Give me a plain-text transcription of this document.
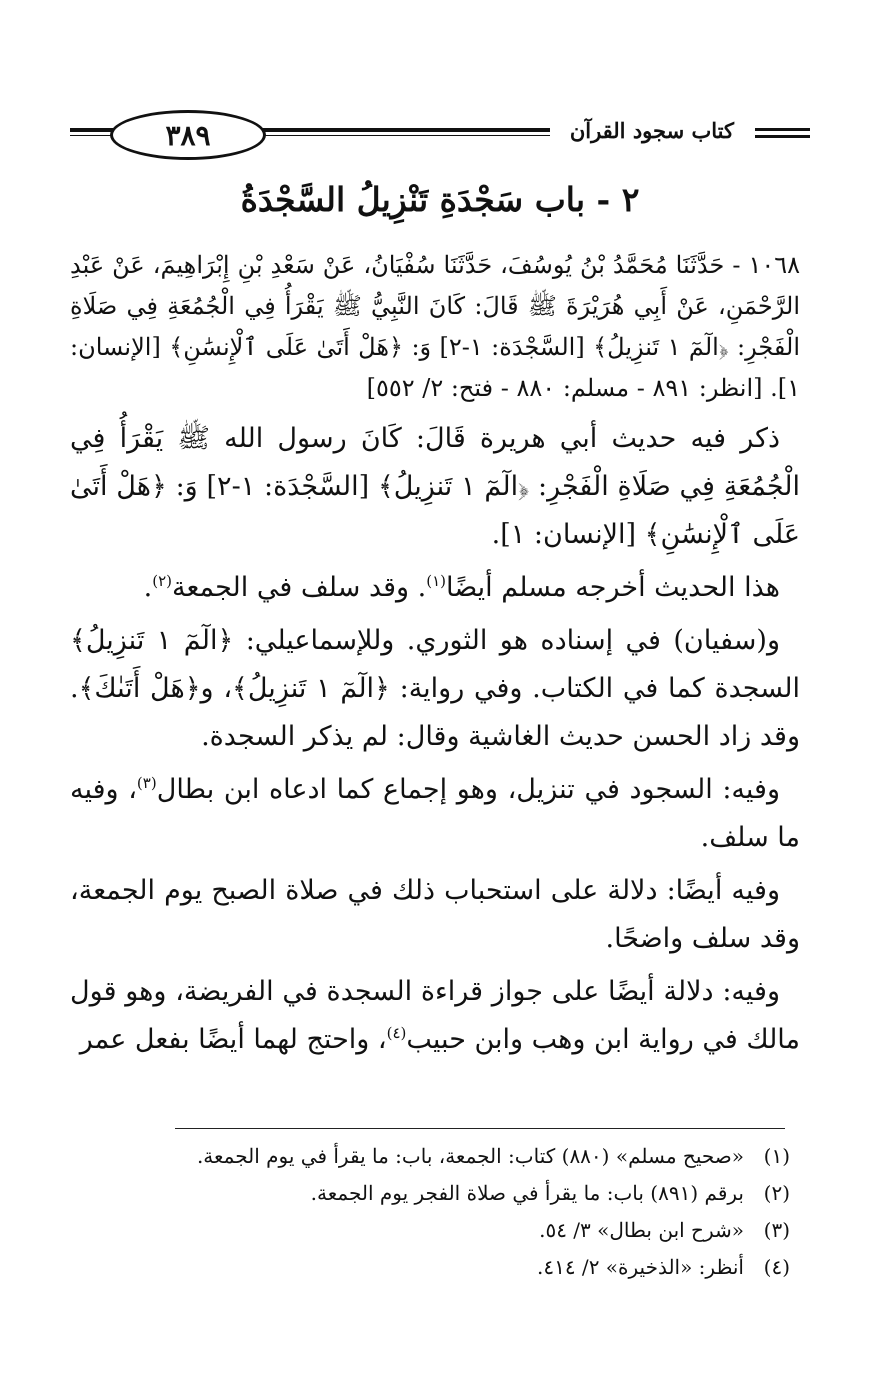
٣٨٩	كتاب سجود القرآن
٢ - باب سَجْدَةِ تَنْزِيلُ السَّجْدَةُ

١٠٦٨ - حَدَّثَنَا مُحَمَّدُ بْنُ يُوسُفَ، حَدَّثَنَا سُفْيَانُ، عَنْ سَعْدِ بْنِ إِبْرَاهِيمَ، عَنْ عَبْدِ الرَّحْمَنِ، عَنْ أَبِي هُرَيْرَةَ ﷺ قَالَ: كَانَ النَّبِيُّ ﷺ يَقْرَأُ فِي الْجُمُعَةِ فِي صَلَاةِ الْفَجْرِ: ﴿الٓمٓ ١ تَنزِيلُ﴾ [السَّجْدَة: ١-٢] وَ: ﴿هَلْ أَتَىٰ عَلَى ٱلْإِنسَٰنِ﴾ [الإنسان: ١]. [انظر: ٨٩١ - مسلم: ٨٨٠ - فتح: ٢/ ٥٥٢]

ذكر فيه حديث أبي هريرة قَالَ: كَانَ رسول الله ﷺ يَقْرَأُ فِي الْجُمُعَةِ فِي صَلَاةِ الْفَجْرِ: ﴿الٓمٓ ١ تَنزِيلُ﴾ [السَّجْدَة: ١-٢] وَ: ﴿هَلْ أَتَىٰ عَلَى ٱلْإِنسَٰنِ﴾ [الإنسان: ١].

هذا الحديث أخرجه مسلم أيضًا$^{(١)}$. وقد سلف في الجمعة$^{(٢)}$.

و(سفيان) في إسناده هو الثوري. وللإسماعيلي: ﴿الٓمٓ ١ تَنزِيلُ﴾ السجدة كما في الكتاب. وفي رواية: ﴿الٓمٓ ١ تَنزِيلُ﴾، و﴿هَلْ أَتَىٰكَ﴾. وقد زاد الحسن حديث الغاشية وقال: لم يذكر السجدة.

وفيه: السجود في تنزيل، وهو إجماع كما ادعاه ابن بطال$^{(٣)}$، وفيه ما سلف.

وفيه أيضًا: دلالة على استحباب ذلك في صلاة الصبح يوم الجمعة، وقد سلف واضحًا.

وفيه: دلالة أيضًا على جواز قراءة السجدة في الفريضة، وهو قول مالك في رواية ابن وهب وابن حبيب$^{(٤)}$، واحتج لهما أيضًا بفعل عمر

(١)«صحيح مسلم» (٨٨٠) كتاب: الجمعة، باب: ما يقرأ في يوم الجمعة.

(٢)برقم (٨٩١) باب: ما يقرأ في صلاة الفجر يوم الجمعة.

(٣)«شرح ابن بطال» ٣/ ٥٤.

(٤)أنظر: «الذخيرة» ٢/ ٤١٤.
